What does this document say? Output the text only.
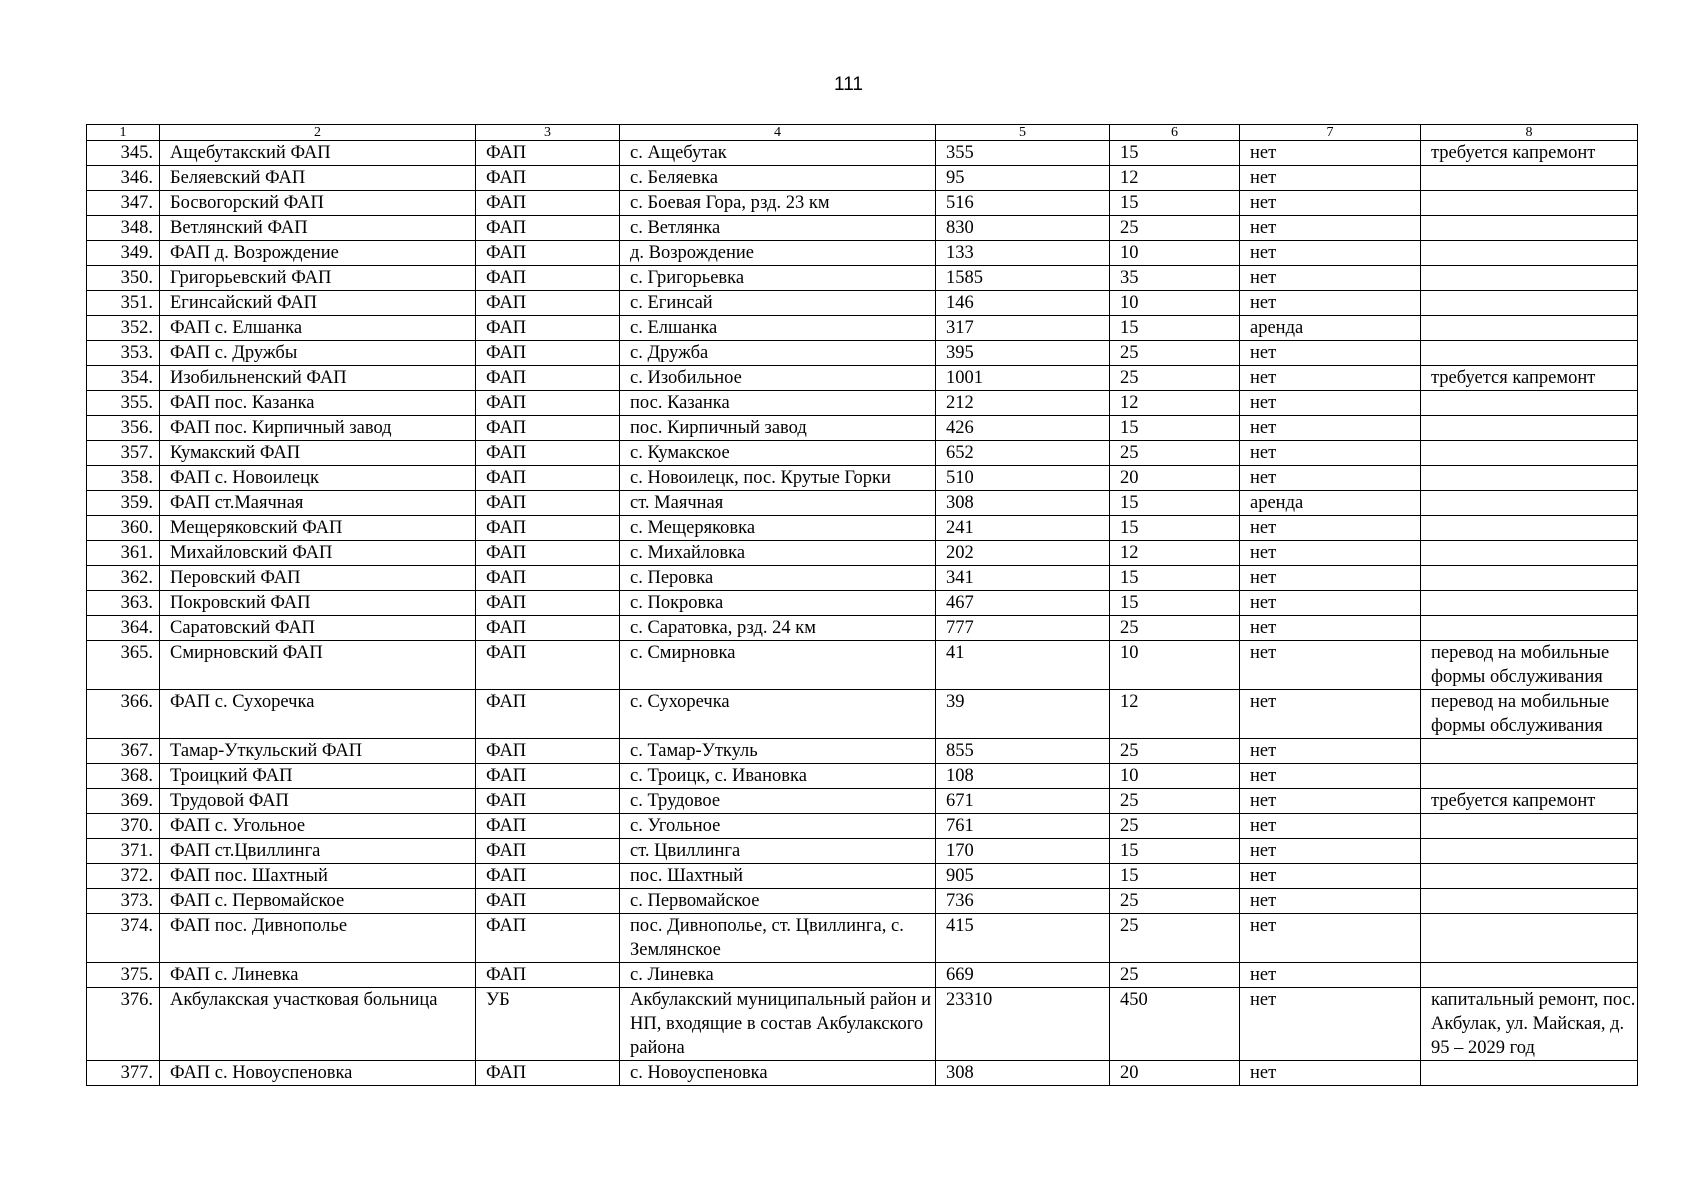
111
1	2	3	4	5	6	7	8
345.	Ащебутакский ФАП	ФАП	с. Ащебутак	355	15	нет	требуется капремонт
346.	Беляевский ФАП	ФАП	с. Беляевка	95	12	нет	
347.	Босвогорский ФАП	ФАП	с. Боевая Гора, рзд. 23 км	516	15	нет	
348.	Ветлянский ФАП	ФАП	с. Ветлянка	830	25	нет	
349.	ФАП д. Возрождение	ФАП	д. Возрождение	133	10	нет	
350.	Григорьевский ФАП	ФАП	с. Григорьевка	1585	35	нет	
351.	Егинсайский ФАП	ФАП	с. Егинсай	146	10	нет	
352.	ФАП с. Елшанка	ФАП	с. Елшанка	317	15	аренда	
353.	ФАП с. Дружбы	ФАП	с. Дружба	395	25	нет	
354.	Изобильненский ФАП	ФАП	с. Изобильное	1001	25	нет	требуется капремонт
355.	ФАП пос. Казанка	ФАП	пос. Казанка	212	12	нет	
356.	ФАП пос. Кирпичный завод	ФАП	пос. Кирпичный завод	426	15	нет	
357.	Кумакский ФАП	ФАП	с. Кумакское	652	25	нет	
358.	ФАП с. Новоилецк	ФАП	с. Новоилецк, пос. Крутые Горки	510	20	нет	
359.	ФАП ст.Маячная	ФАП	ст. Маячная	308	15	аренда	
360.	Мещеряковский ФАП	ФАП	с. Мещеряковка	241	15	нет	
361.	Михайловский ФАП	ФАП	с. Михайловка	202	12	нет	
362.	Перовский ФАП	ФАП	с. Перовка	341	15	нет	
363.	Покровский ФАП	ФАП	с. Покровка	467	15	нет	
364.	Саратовский ФАП	ФАП	с. Саратовка, рзд. 24 км	777	25	нет	
365.	Смирновский ФАП	ФАП	с. Смирновка	41	10	нет	перевод на мобильные формы обслуживания
366.	ФАП с. Сухоречка	ФАП	с. Сухоречка	39	12	нет	перевод на мобильные формы обслуживания
367.	Тамар-Уткульский ФАП	ФАП	с. Тамар-Уткуль	855	25	нет	
368.	Троицкий ФАП	ФАП	с. Троицк, с. Ивановка	108	10	нет	
369.	Трудовой ФАП	ФАП	с. Трудовое	671	25	нет	требуется капремонт
370.	ФАП с. Угольное	ФАП	с. Угольное	761	25	нет	
371.	ФАП ст.Цвиллинга	ФАП	ст. Цвиллинга	170	15	нет	
372.	ФАП пос. Шахтный	ФАП	пос. Шахтный	905	15	нет	
373.	ФАП с. Первомайское	ФАП	с. Первомайское	736	25	нет	
374.	ФАП пос. Дивнополье	ФАП	пос. Дивнополье, ст. Цвиллинга, с. Землянское	415	25	нет	
375.	ФАП с. Линевка	ФАП	с. Линевка	669	25	нет	
376.	Акбулакская участковая больница	УБ	Акбулакский муниципальный район и НП, входящие в состав Акбулакского района	23310	450	нет	капитальный ремонт, пос. Акбулак, ул. Майская, д. 95 – 2029 год
377.	ФАП с. Новоуспеновка	ФАП	с. Новоуспеновка	308	20	нет	
